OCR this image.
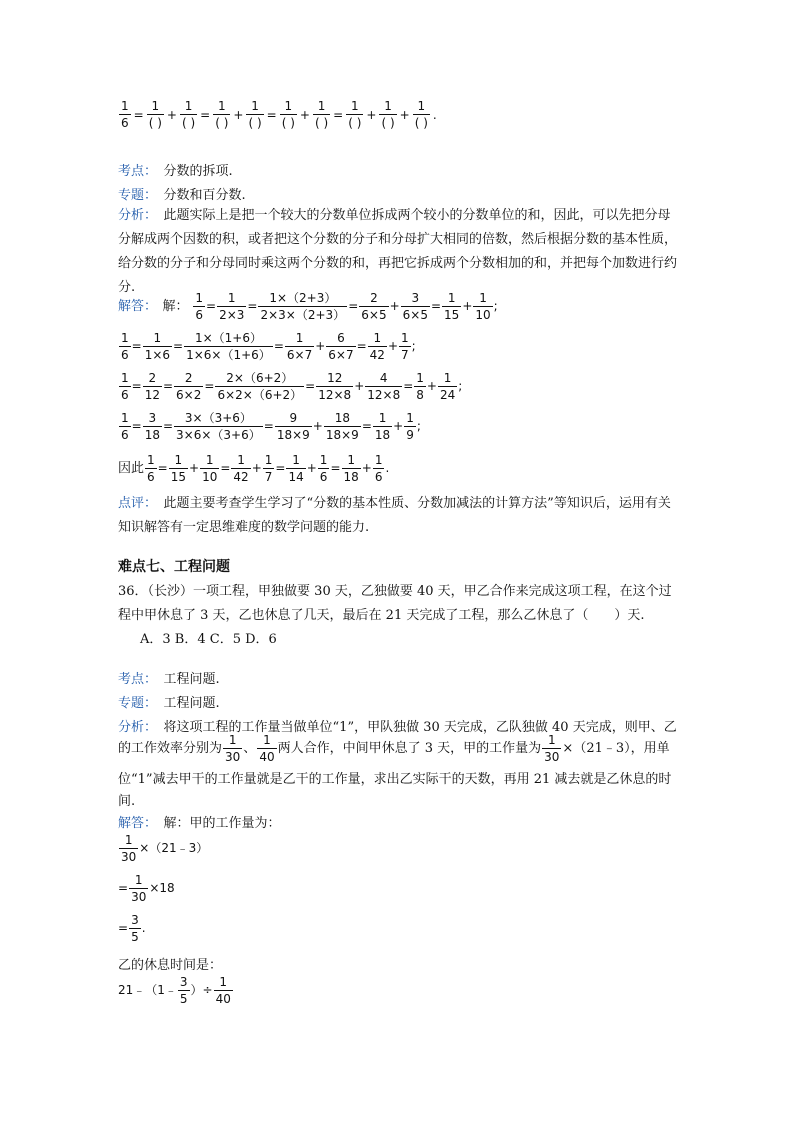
$\frac{1}{6} = \frac{1}{( )} + \frac{1}{( )} = \frac{1}{( )} + \frac{1}{( )} = \frac{1}{( )} + \frac{1}{( )} = \frac{1}{( )} + \frac{1}{( )} + \frac{1}{( )}$ .
考点：　 分数的拆项.
专题：　 分数和百分数.
分析：　 此题实际上是把一个较大的分数单位拆成两个较小的分数单位的和，因此，可以先把分母分解成两个因数的积，或者把这个分数的分子和分母扩大相同的倍数，然后根据分数的基本性质，给分数的分子和分母同时乘这两个分数的和，再把它拆成两个分数相加的和，并把每个加数进行约分.
解答：　 解： $\frac{1}{6} = \frac{1}{2\times 3} = \frac{1\times(2+3)}{2\times 3\times(2+3)} = \frac{2}{6\times 5} + \frac{3}{6\times 5} = \frac{1}{15} + \frac{1}{10}$ ;
$\frac{1}{6} = \frac{1}{1\times 6} = \frac{1\times(1+6)}{1\times 6\times(1+6)} = \frac{1}{6\times 7} + \frac{6}{6\times 7} = \frac{1}{42} + \frac{1}{7}$ ;
$\frac{1}{6} = \frac{2}{12} = \frac{2}{6\times 2} = \frac{2\times(6+2)}{6\times 2\times(6+2)} = \frac{12}{12\times 8} + \frac{4}{12\times 8} = \frac{1}{8} + \frac{1}{24}$ ;
$\frac{1}{6} = \frac{3}{18} = \frac{3\times(3+6)}{3\times 6\times(3+6)} = \frac{9}{18\times 9} + \frac{18}{18\times 9} = \frac{1}{18} + \frac{1}{9}$ ;
因此 $\frac{1}{6} = \frac{1}{15} + \frac{1}{10} = \frac{1}{42} + \frac{1}{7} = \frac{1}{14} + \frac{1}{6} = \frac{1}{18} + \frac{1}{6}$ .
点评：　 此题主要考查学生学习了“分数的基本性质、分数加减法的计算方法”等知识后，运用有关知识解答有一定思维难度的数学问题的能力.
难点七、工程问题
36．（长沙）一项工程，甲独做要 30 天，乙独做要 40 天，甲乙合作来完成这项工程，在这个过
程中甲休息了 3 天，乙也休息了几天，最后在 21 天完成了工程，那么乙休息了（　　）天.
A．3 B．4 C．5 D．6
考点：　 工程问题.
专题：　 工程问题.
分析：　 将这项工程的工作量当做单位“1”，甲队独做 30 天完成，乙队独做 40 天完成，则甲、乙
的工作效率分别为 $\frac{1}{30}$ 、 $\frac{1}{40}$ 两人合作，中间甲休息了 3 天，甲的工作量为 $\frac{1}{30}$ ×（21﹣3），用单
位“1”减去甲干的工作量就是乙干的工作量，求出乙实际干的天数，再用 21 减去就是乙休息的时
间.
解答：　 解：甲的工作量为：
$\frac{1}{30}$ ×（21﹣3）
= $\frac{1}{30} \times 18$
= $\frac{3}{5}$ .
乙的休息时间是：
21﹣（1﹣ $\frac{3}{5}$ ）÷ $\frac{1}{40}$
